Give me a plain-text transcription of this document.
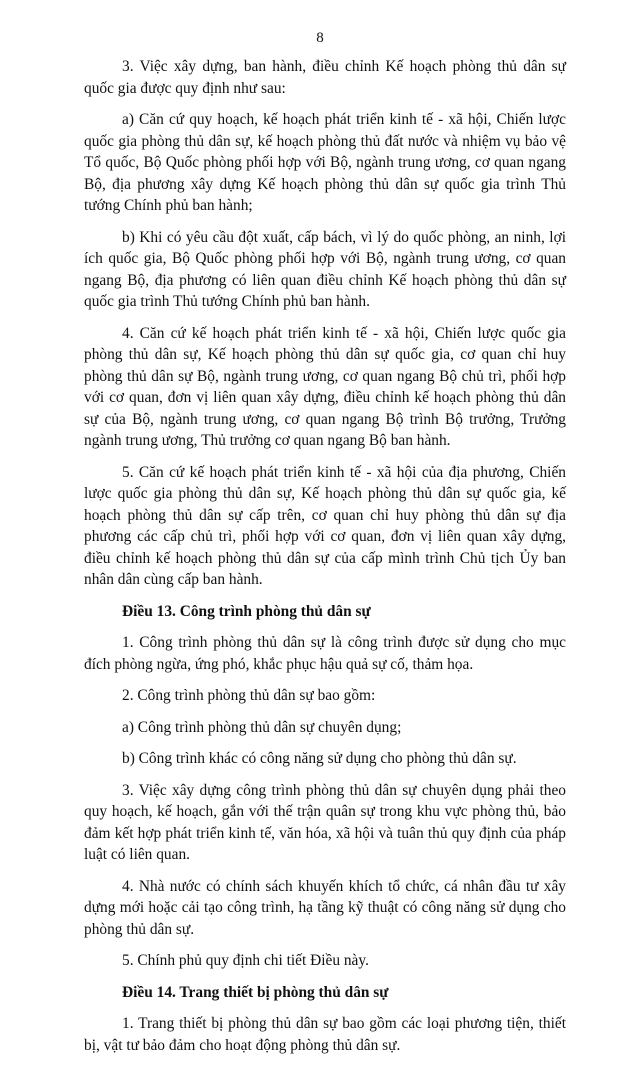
8

3. Việc xây dựng, ban hành, điều chỉnh Kế hoạch phòng thủ dân sự quốc gia được quy định như sau:

a) Căn cứ quy hoạch, kế hoạch phát triển kinh tế - xã hội, Chiến lược quốc gia phòng thủ dân sự, kế hoạch phòng thủ đất nước và nhiệm vụ bảo vệ Tổ quốc, Bộ Quốc phòng phối hợp với Bộ, ngành trung ương, cơ quan ngang Bộ, địa phương xây dựng Kế hoạch phòng thủ dân sự quốc gia trình Thủ tướng Chính phủ ban hành;

b) Khi có yêu cầu đột xuất, cấp bách, vì lý do quốc phòng, an ninh, lợi ích quốc gia, Bộ Quốc phòng phối hợp với Bộ, ngành trung ương, cơ quan ngang Bộ, địa phương có liên quan điều chỉnh Kế hoạch phòng thủ dân sự quốc gia trình Thủ tướng Chính phủ ban hành.

4. Căn cứ kế hoạch phát triển kinh tế - xã hội, Chiến lược quốc gia phòng thủ dân sự, Kế hoạch phòng thủ dân sự quốc gia, cơ quan chỉ huy phòng thủ dân sự Bộ, ngành trung ương, cơ quan ngang Bộ chủ trì, phối hợp với cơ quan, đơn vị liên quan xây dựng, điều chỉnh kế hoạch phòng thủ dân sự của Bộ, ngành trung ương, cơ quan ngang Bộ trình Bộ trưởng, Trưởng ngành trung ương, Thủ trưởng cơ quan ngang Bộ ban hành.

5. Căn cứ kế hoạch phát triển kinh tế - xã hội của địa phương, Chiến lược quốc gia phòng thủ dân sự, Kế hoạch phòng thủ dân sự quốc gia, kế hoạch phòng thủ dân sự cấp trên, cơ quan chỉ huy phòng thủ dân sự địa phương các cấp chủ trì, phối hợp với cơ quan, đơn vị liên quan xây dựng, điều chỉnh kế hoạch phòng thủ dân sự của cấp mình trình Chủ tịch Ủy ban nhân dân cùng cấp ban hành.

Điều 13. Công trình phòng thủ dân sự

1. Công trình phòng thủ dân sự là công trình được sử dụng cho mục đích phòng ngừa, ứng phó, khắc phục hậu quả sự cố, thảm họa.

2. Công trình phòng thủ dân sự bao gồm:

a) Công trình phòng thủ dân sự chuyên dụng;

b) Công trình khác có công năng sử dụng cho phòng thủ dân sự.

3. Việc xây dựng công trình phòng thủ dân sự chuyên dụng phải theo quy hoạch, kế hoạch, gắn với thế trận quân sự trong khu vực phòng thủ, bảo đảm kết hợp phát triển kinh tế, văn hóa, xã hội và tuân thủ quy định của pháp luật có liên quan.

4. Nhà nước có chính sách khuyến khích tổ chức, cá nhân đầu tư xây dựng mới hoặc cải tạo công trình, hạ tầng kỹ thuật có công năng sử dụng cho phòng thủ dân sự.

5. Chính phủ quy định chi tiết Điều này.

Điều 14. Trang thiết bị phòng thủ dân sự

1. Trang thiết bị phòng thủ dân sự bao gồm các loại phương tiện, thiết bị, vật tư bảo đảm cho hoạt động phòng thủ dân sự.
